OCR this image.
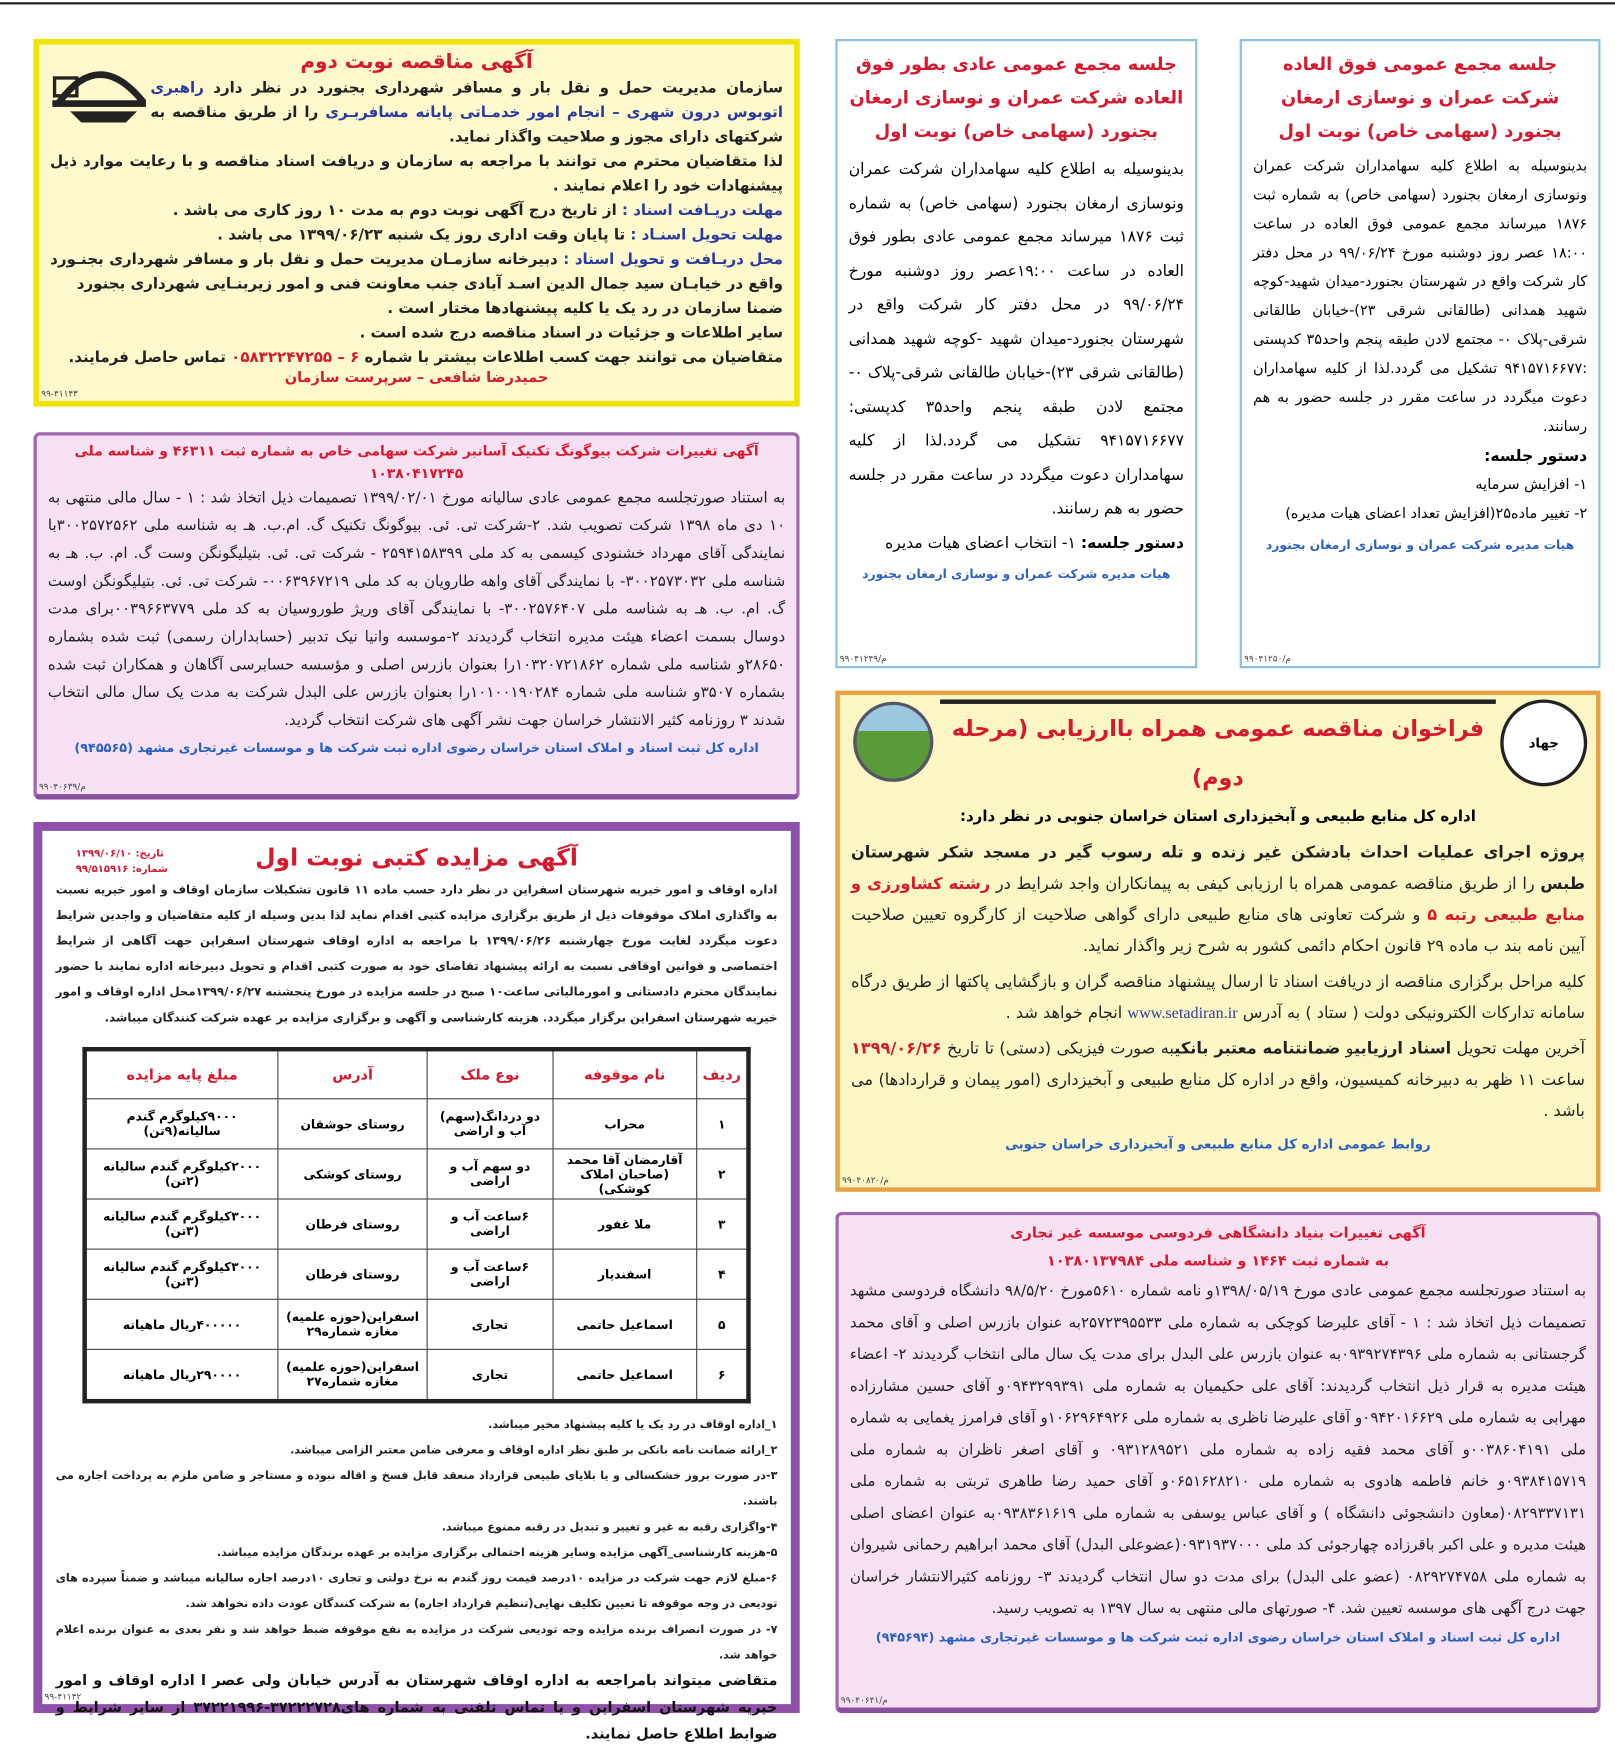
جلسه مجمع عمومی فوق العاده شرکت عمران و نوسازی ارمغان بجنورد (سهامی خاص) نوبت اول

بدینوسیله به اطلاع کلیه سهامداران شرکت عمران ونوسازی ارمغان بجنورد (سهامی خاص) به شماره ثبت ۱۸۷۶ میرساند مجمع عمومی فوق العاده در ساعت ۱۸:۰۰ عصر روز دوشنبه مورخ ۹۹/۰۶/۲۴ در محل دفتر کار شرکت واقع در شهرستان بجنورد-میدان شهید-کوچه شهید همدانی (طالقانی شرقی ۲۳)-خیابان طالقانی شرقی-پلاک ۰- مجتمع لادن طبقه پنجم واحد۳۵ کدپستی :۹۴۱۵۷۱۶۶۷۷ تشکیل می گردد.لذا از کلیه سهامداران دعوت میگردد در ساعت مقرر در جلسه حضور به هم رسانند.

دستور جلسه:

۱- افزایش سرمایه

۲- تغییر ماده۲۵(افزایش تعداد اعضای هیات مدیره)

هیات مدیره شرکت عمران و نوسازی ارمغان بجنورد
۹۹۰۴۱۲۵۰/م
جلسه مجمع عمومی عادی بطور فوق العاده شرکت عمران و نوسازی ارمغان بجنورد (سهامی خاص) نوبت اول

بدینوسیله به اطلاع کلیه سهامداران شرکت عمران ونوسازی ارمغان بجنورد (سهامی خاص) به شماره ثبت ۱۸۷۶ میرساند مجمع عمومی عادی بطور فوق العاده در ساعت ۱۹:۰۰عصر روز دوشنبه مورخ ۹۹/۰۶/۲۴ در محل دفتر کار شرکت واقع در شهرستان بجنورد-میدان شهید -کوچه شهید همدانی (طالقانی شرقی ۲۳)-خیابان طالقانی شرقی-پلاک ۰- مجتمع لادن طبقه پنجم واحد۳۵ کدپستی: ۹۴۱۵۷۱۶۶۷۷ تشکیل می گردد.لذا از کلیه سهامداران دعوت میگردد در ساعت مقرر در جلسه حضور به هم رسانند.

دستور جلسه: ۱- انتخاب اعضای هیات مدیره

هیات مدیره شرکت عمران و نوسازی ارمغان بجنورد
۹۹۰۴۱۲۴۹/م
آگهی مناقصه نوبت دوم

سازمان مدیریت حمل و نقل بار و مسافر شهرداری بجنورد در نظر دارد راهبری اتوبوس درون شهری – انجام امور خدمـاتی پایانه مسافربـری را از طریق مناقصه به شرکتهای دارای مجوز و صلاحیت واگذار نماید.

لذا متقاضیان محترم می توانند با مراجعه به سازمان و دریافت اسناد مناقصه و با رعایت موارد ذیل پیشنهادات خود را اعلام نمایند .

مهلت دریـافت اسناد : از تاریخ درج آگهی نوبت دوم به مدت ۱۰ روز کاری می باشد .

مهلت تحویل اسنـاد : تا پایان وقت اداری روز یک شنبه ۱۳۹۹/۰۶/۲۳ می باشد .

محل دریـافت و تحویل اسناد : دبیرخانه سازمـان مدیریت حمل و نقل بار و مسافر شهرداری بجنـورد واقع در خیابـان سید جمال الدین اسـد آبادی جنب معاونت فنی و امور زیربنـایی شهرداری بجنورد

ضمنا سازمان در رد یک یا کلیه پیشنهادها مختار است .

سایر اطلاعات و جزئیات در اسناد مناقصه درج شده است .

متقاضیان می توانند جهت کسب اطلاعات بیشتر با شماره ۶ – ۰۵۸۳۲۲۴۷۲۵۵ تماس حاصل فرمایند.

حمیدرضا شافعی – سرپرست سازمان
۹۹-۴۱۱۴۳
آگهی تغییرات شرکت بیوگونگ تکنیک آسانبر شرکت سهامی خاص به شماره ثبت ۴۶۳۱۱ و شناسه ملی ۱۰۳۸۰۴۱۷۲۴۵

به استناد صورتجلسه مجمع عمومی عادی سالیانه مورخ ۱۳۹۹/۰۲/۰۱ تصمیمات ذیل اتخاذ شد : ۱ - سال مالی منتهی به ۱۰ دی ماه ۱۳۹۸ شرکت تصویب شد. ۲-شرکت تی. ئی. بیوگونگ تکنیک گ. ام.ب. هـ به شناسه ملی ۳۰۰۲۵۷۲۵۶۲با نمایندگی آقای مهرداد خشنودی کیسمی به کد ملی ۲۵۹۴۱۵۸۳۹۹ - شرکت تی. ئی. بتیلیگونگن وست گ. ام. ب. هـ به شناسه ملی ۳۰۰۲۵۷۳۰۳۲- با نمایندگی آقای واهه طارویان به کد ملی ۰۰۶۳۹۶۷۲۱۹- شرکت تی. ئی. بتیلیگونگن اوست گ. ام. ب. هـ به شناسه ملی ۳۰۰۲۵۷۶۴۰۷- با نمایندگی آقای وریژ طوروسیان به کد ملی ۰۰۳۹۶۶۳۷۷۹برای مدت دوسال بسمت اعضاء هیئت مدیره انتخاب گردیدند ۲-موسسه وانیا نیک تدبیر (حسابداران رسمی) ثبت شده بشماره ۲۸۶۵۰و شناسه ملی شماره ۱۰۳۲۰۷۲۱۸۶۲را بعنوان بازرس اصلی و مؤسسه حسابرسی آگاهان و همکاران ثبت شده بشماره ۳۵۰۷و شناسه ملی شماره ۱۰۱۰۰۱۹۰۲۸۴را بعنوان بازرس علی البدل شرکت به مدت یک سال مالی انتخاب شدند ۳ روزنامه کثیر الانتشار خراسان جهت نشر آگهی های شرکت انتخاب گردید.

اداره کل ثبت اسناد و املاک استان خراسان رضوی اداره ثبت شرکت ها و موسسات غیرتجاری مشهد (۹۴۵۵۶۵)
۹۹۰۴۰۶۳۹/م
تاریخ: ۱۳۹۹/۰۶/۱۰
شماره: ۹۹/۵۱۵۹۱۶	آگهی مزایده کتبی نوبت اول

اداره اوقاف و امور خیریه شهرستان اسفراین در نظر دارد حسب ماده ۱۱ قانون تشکیلات سازمان اوقاف و امور خیریه نسبت به واگذاری املاک موقوفات ذیل از طریق برگزاری مزایده کتبی اقدام نماید لذا بدین وسیله از کلیه متقاضیان و واجدین شرایط دعوت میگردد لغایت مورخ چهارشنبه ۱۳۹۹/۰۶/۲۶ با مراجعه به اداره اوقاف شهرستان اسفراین جهت آگاهی از شرایط اختصاصی و قوانین اوقافی نسبت به ارائه پیشنهاد تقاضای خود به صورت کتبی اقدام و تحویل دبیرخانه اداره نمایند با حضور نمایندگان محترم دادستانی و امورمالیاتی ساعت۱۰ صبح در جلسه مزایده در مورخ پنجشنبه ۱۳۹۹/۰۶/۲۷محل اداره اوقاف و امور خیریه شهرستان اسفراین برگزار میگردد. هزینه کارشناسی و آگهی و برگزاری مزایده بر عهده شرکت کنندگان میباشد.

ردیف	نام موقوفه	نوع ملک	آدرس	مبلغ پایه مزایده
۱	محراب	دو دردانگ(سهم) آب و اراضی	روستای جوشقان	۹۰۰۰کیلوگرم گندم سالیانه(۹تن)
۲	آقارمضان آقا محمد (صاحبان املاک کوشکی)	دو سهم آب و اراضی	روستای کوشکی	۲۰۰۰کیلوگرم گندم سالیانه (۲تن)
۳	ملا غفور	۶ساعت آب و اراضی	روستای فرطان	۳۰۰۰کیلوگرم گندم سالیانه (۳تن)
۴	اسفندیار	۶ساعت آب و اراضی	روستای فرطان	۳۰۰۰کیلوگرم گندم سالیانه (۳تن)
۵	اسماعیل حاتمی	تجاری	اسفراین(حوزه علمیه) مغازه شماره۲۹	۴۰۰۰۰۰ریال ماهیانه
۶	اسماعیل حاتمی	تجاری	اسفراین(حوزه علمیه) مغازه شماره۲۷	۲۹۰۰۰۰ریال ماهیانه

۱_اداره اوقاف در رد یک یا کلیه پیشنهاد مخیر میباشد.

۲_ارائه ضمانت نامه بانکی بر طبق نظر اداره اوقاف و معرفی ضامن معتبر الزامی میباشد.

۳-در صورت بروز خشکسالی و یا بلایای طبیعی قرارداد منعقد قابل فسخ و اقاله نبوده و مستاجر و ضامن ملزم به پرداخت اجاره می باشند.

۴-واگزاری رقبه به غیر و تغییر و تبدیل در رقبه ممنوع میباشد.

۵-هزینه کارشناسی_آگهی مزایده وسایر هزینه احتمالی برگزاری مزایده بر عهده برندگان مزایده میباشد.

۶-مبلغ لازم جهت شرکت در مزایده ۱۰درصد قیمت روز گندم به نرخ دولتی و تجاری ۱۰درصد اجاره سالیانه میباشد و ضمناً سپرده های تودیعی در وجه موقوفه تا تعیین تکلیف نهایی(تنظیم قرارداد اجاره) به شرکت کنندگان عودت داده نخواهد شد.

۷- در صورت انصراف برنده مزایده وجه تودیعی شرکت در مزایده به نفع موقوفه ضبط خواهد شد و نفر بعدی به عنوان برنده اعلام خواهد شد.

متقاضی میتواند بامراجعه به اداره اوقاف شهرستان به آدرس خیابان ولی عصر ا اداره اوقاف و امور خیریه شهرستان اسفراین و یا تماس تلفنی به شماره های۳۷۲۲۲۷۲۸-۳۷۲۲۱۹۹۶ از سایر شرایط و ضوابط اطلاع حاصل نمایند.

۹۹-۴۱۱۴۲
جهاد
فراخوان مناقصه عمومی همراه باارزیابی (مرحله دوم)
اداره کل منابع طبیعی و آبخیزداری استان خراسان جنوبی در نظر دارد:

پروژه اجرای عملیات احداث بادشکن غیر زنده و تله رسوب گیر در مسجد شکر شهرستان طبس را از طریق مناقصه عمومی همراه با ارزیابی کیفی به پیمانکاران واجد شرایط در رشته کشاورزی و منابع طبیعی رتبه ۵ و شرکت تعاونی های منابع طبیعی دارای گواهی صلاحیت از کارگروه تعیین صلاحیت آیین نامه بند ب ماده ۲۹ قانون احکام دائمی کشور به شرح زیر واگذار نماید.

کلیه مراحل برگزاری مناقصه از دریافت اسناد تا ارسال پیشنهاد مناقصه گران و بازگشایی پاکتها از طریق درگاه سامانه تدارکات الکترونیکی دولت ( ستاد ) به آدرس www.setadiran.ir انجام خواهد شد .

آخرین مهلت تحویل اسناد ارزیابیو ضمانتنامه معتبر بانکیبه صورت فیزیکی (دستی) تا تاریخ ۱۳۹۹/۰۶/۲۶ ساعت ۱۱ ظهر به دبیرخانه کمیسیون، واقع در اداره کل منابع طبیعی و آبخیزداری (امور پیمان و قراردادها) می باشد .

روابط عمومی اداره کل منابع طبیعی و آبخیزداری خراسان جنوبی
۹۹۰۴۰۸۲۰/م
آگهی تغییرات بنیاد دانشگاهی فردوسی موسسه غیر تجاری
به شماره ثبت ۱۴۶۴ و شناسه ملی ۱۰۳۸۰۱۳۷۹۸۴

به استناد صورتجلسه مجمع عمومی عادی مورخ ۱۳۹۸/۰۵/۱۹و نامه شماره ۵۶۱۰مورخ ۹۸/۵/۲۰ دانشگاه فردوسی مشهد تصمیمات ذیل اتخاذ شد : ۱ - آقای علیرضا کوچکی به شماره ملی ۲۵۷۲۳۹۵۵۳۳به عنوان بازرس اصلی و آقای محمد گرجستانی به شماره ملی ۰۹۳۹۲۷۴۳۹۶به عنوان بازرس علی البدل برای مدت یک سال مالی انتخاب گردیدند ۲- اعضاء هیئت مدیره به قرار ذیل انتخاب گردیدند: آقای علی حکیمیان به شماره ملی ۰۹۴۳۲۹۹۳۹۱و آقای حسین مشارزاده مهرابی به شماره ملی ۰۹۴۲۰۱۶۶۲۹و آقای علیرضا ناظری به شماره ملی ۱۰۶۲۹۶۴۹۲۶و آقای فرامرز یغمایی به شماره ملی ۰۰۳۸۶۰۴۱۹۱و آقای محمد فقیه زاده به شماره ملی ۰۹۳۱۲۸۹۵۲۱ و آقای اصغر ناظران به شماره ملی ۰۹۳۸۴۱۵۷۱۹و خانم فاطمه هادوی به شماره ملی ۰۶۵۱۶۲۸۲۱۰و آقای حمید رضا طاهری تربتی به شماره ملی ۰۸۲۹۳۳۷۱۳۱(معاون دانشجوئی دانشگاه ) و آقای عباس یوسفی به شماره ملی ۰۹۳۸۳۶۱۶۱۹به عنوان اعضای اصلی هیئت مدیره و علی اکبر باقرزاده چهارجوئی کد ملی ۰۹۳۱۹۳۷۰۰۰(عضوعلی البدل) آقای محمد ابراهیم رحمانی شیروان به شماره ملی ۰۸۲۹۲۷۴۷۵۸ (عضو علی البدل) برای مدت دو سال انتخاب گردیدند ۳- روزنامه کثیرالانتشار خراسان جهت درج آگهی های موسسه تعیین شد. ۴- صورتهای مالی منتهی به سال ۱۳۹۷ به تصویب رسید.

اداره کل ثبت اسناد و املاک استان خراسان رضوی اداره ثبت شرکت ها و موسسات غیرتجاری مشهد (۹۴۵۶۹۴)
۹۹۰۴۰۶۴۱/م
